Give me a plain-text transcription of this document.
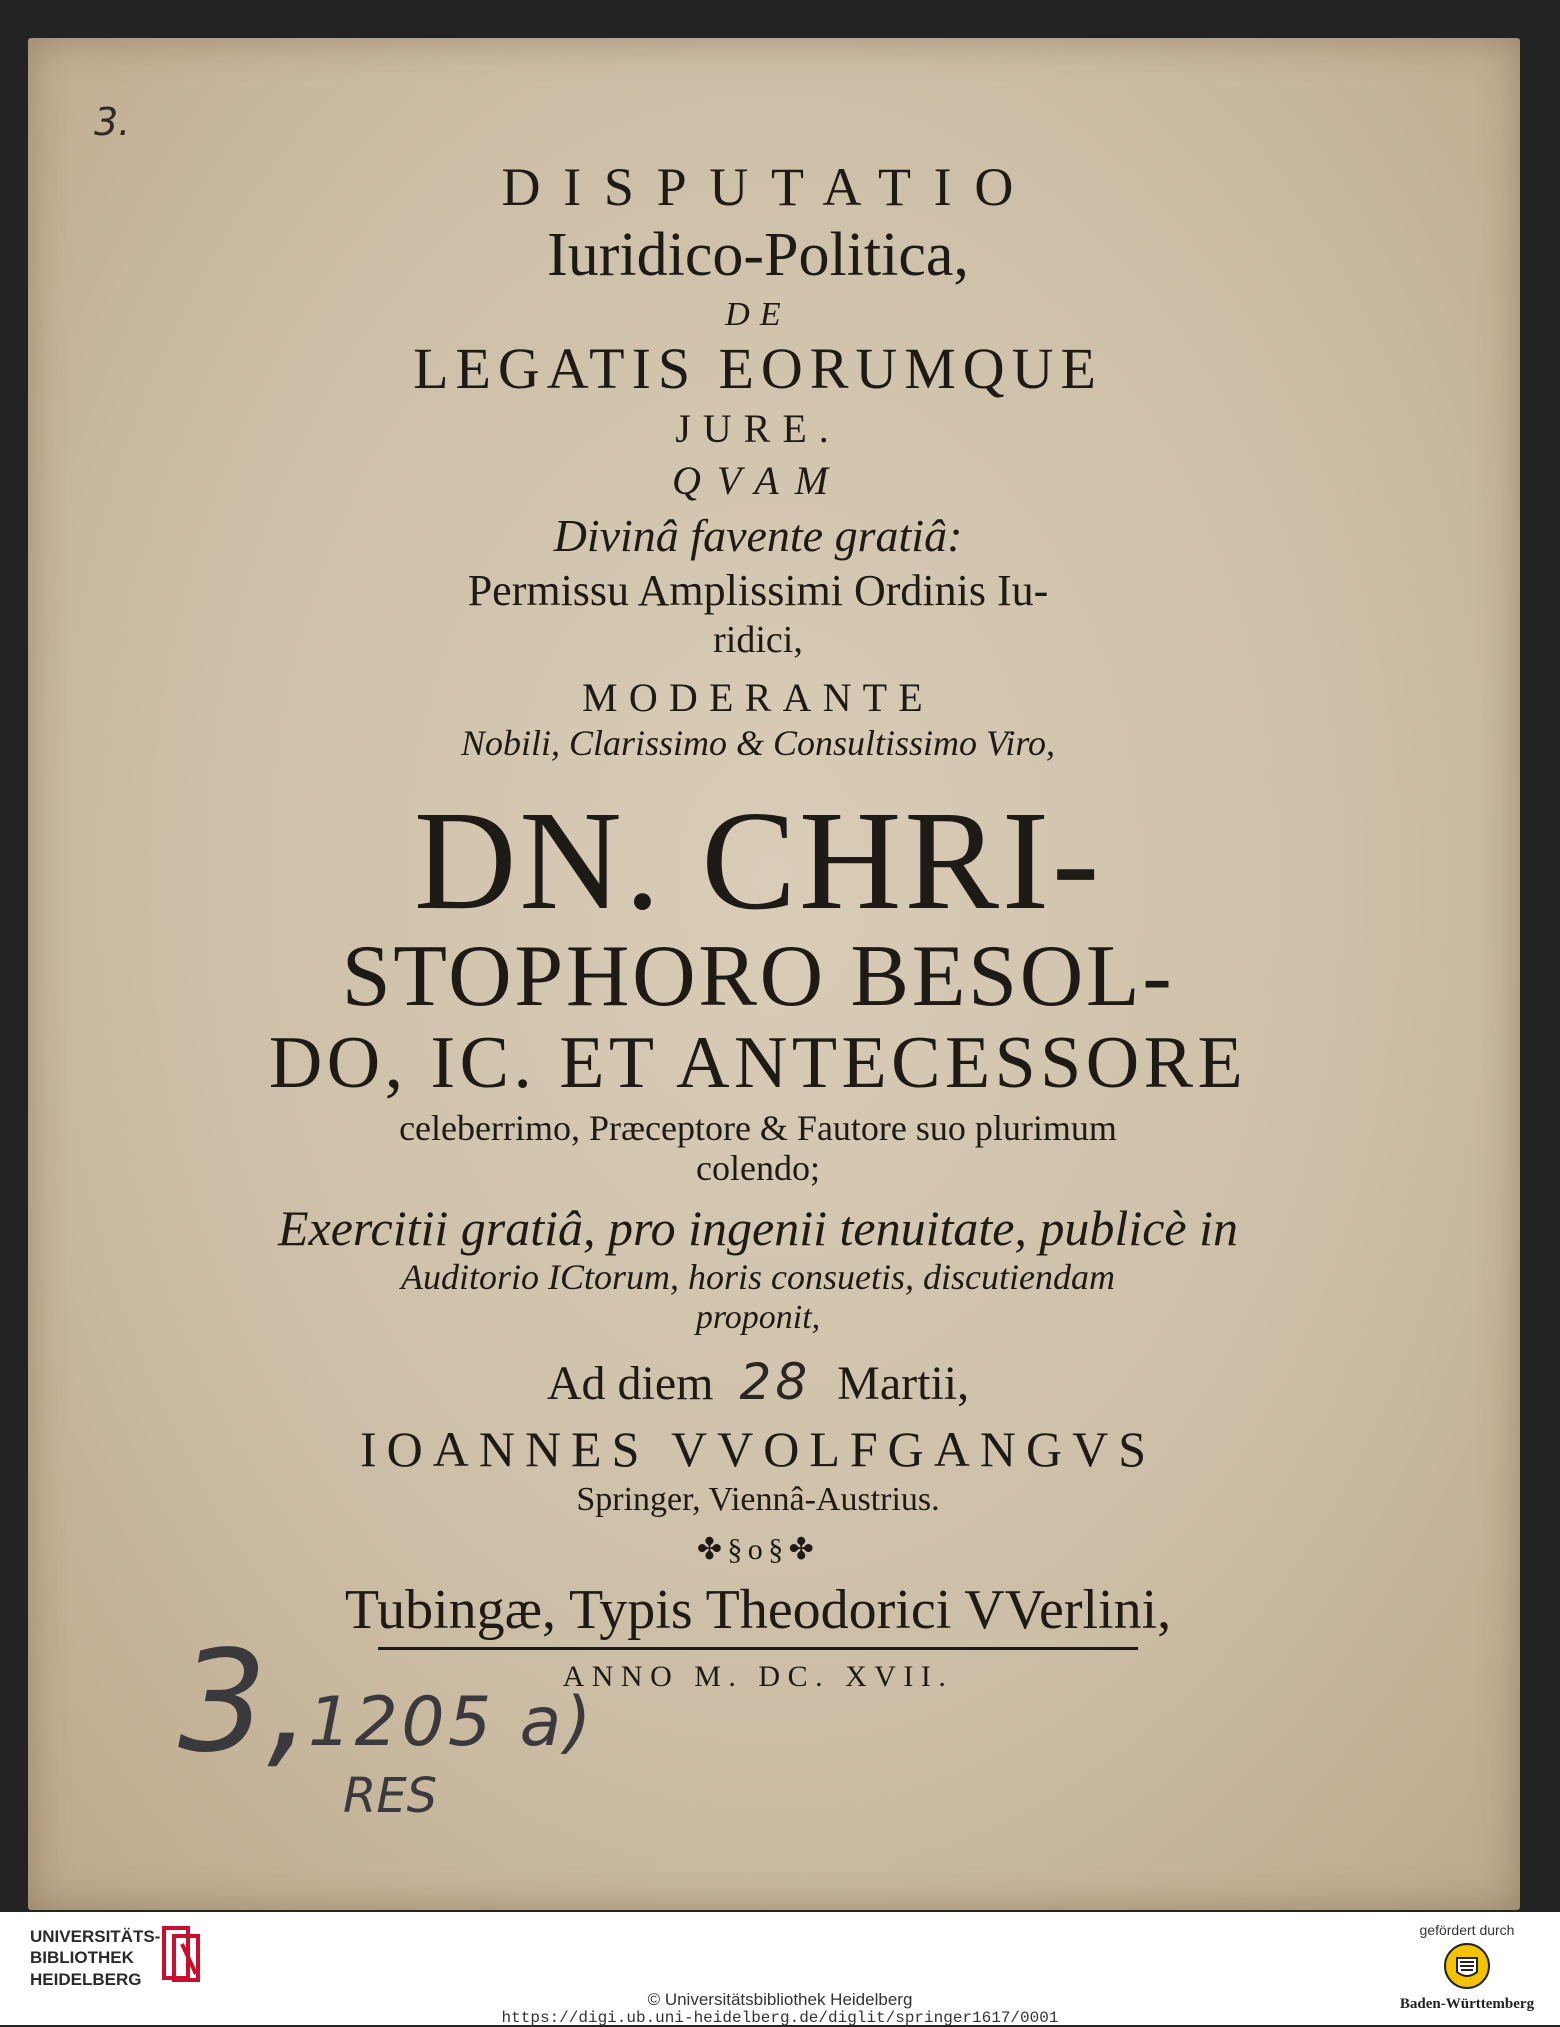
3.
DISPUTATIO
Iuridico-Politica,
DE
LEGATIS EORUMQUE
JURE.
QVAM
Divinâ favente gratiâ:
Permissu Amplissimi Ordinis Iu-
ridici,
MODERANTE
Nobili, Clarissimo & Consultissimo Viro,
DN. CHRI-
STOPHORO BESOL-
DO, IC. ET ANTECESSORE
celeberrimo, Præceptore & Fautore suo plurimum
colendo;
Exercitii gratiâ, pro ingenii tenuitate, publicè in
Auditorio ICtorum, horis consuetis, discutiendam
proponit,
Ad diem 28 Martii,
IOANNES VVOLFGANGVS
Springer, Viennâ-Austrius.
✤§o§✤
Tubingæ, Typis Theodorici VVerlini,
ANNO M. DC. XVII.
3,
1205 a)
RES
UNIVERSITÄTS-
BIBLIOTHEK
HEIDELBERG
© Universitätsbibliothek Heidelberg
https://digi.ub.uni-heidelberg.de/diglit/springer1617/0001
gefördert durch
Baden-Württemberg
